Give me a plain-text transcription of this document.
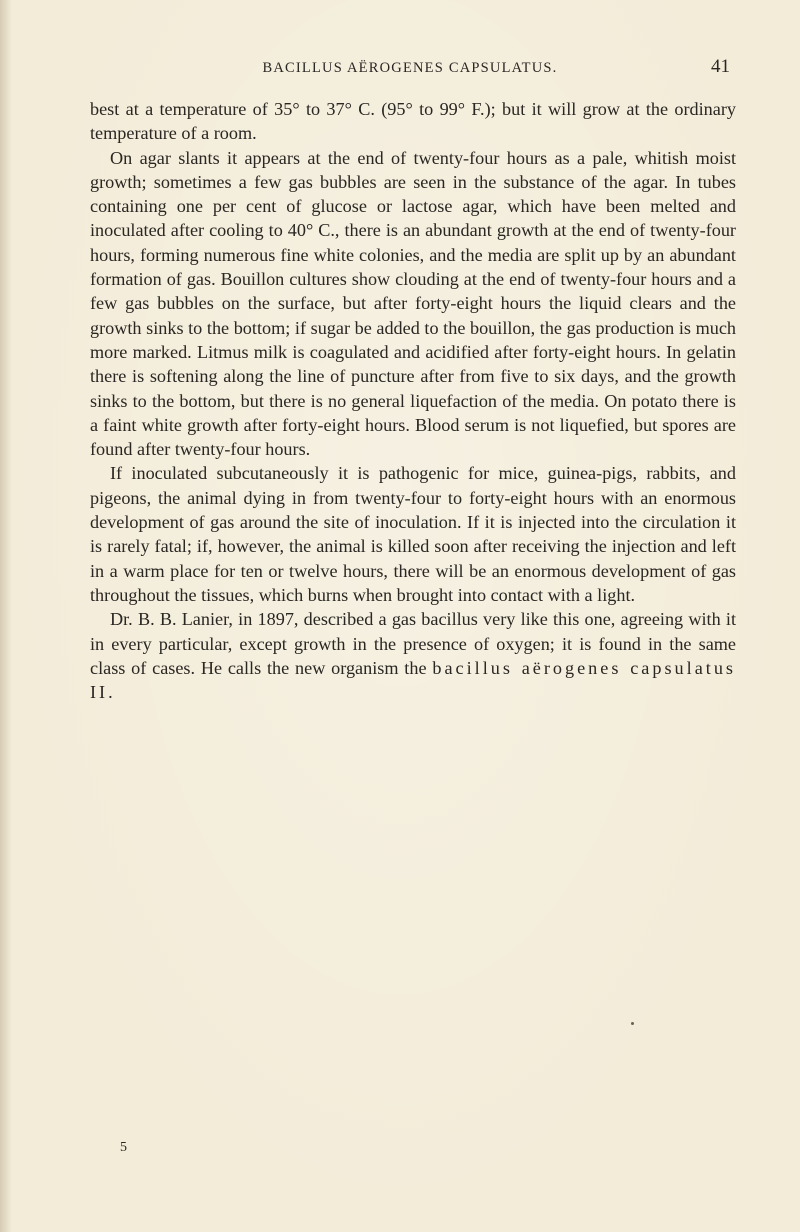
BACILLUS AËROGENES CAPSULATUS.	41

best at a temperature of 35° to 37° C. (95° to 99° F.); but it will grow at the ordinary temperature of a room.

On agar slants it appears at the end of twenty-four hours as a pale, whitish moist growth; sometimes a few gas bubbles are seen in the substance of the agar. In tubes containing one per cent of glucose or lactose agar, which have been melted and inoculated after cooling to 40° C., there is an abundant growth at the end of twenty-four hours, forming numerous fine white colonies, and the media are split up by an abundant formation of gas. Bouillon cultures show clouding at the end of twenty-four hours and a few gas bubbles on the surface, but after forty-eight hours the liquid clears and the growth sinks to the bottom; if sugar be added to the bouillon, the gas production is much more marked. Litmus milk is coagulated and acidified after forty-eight hours. In gelatin there is softening along the line of puncture after from five to six days, and the growth sinks to the bottom, but there is no general liquefaction of the media. On potato there is a faint white growth after forty-eight hours. Blood serum is not liquefied, but spores are found after twenty-four hours.

If inoculated subcutaneously it is pathogenic for mice, guinea-pigs, rabbits, and pigeons, the animal dying in from twenty-four to forty-eight hours with an enormous development of gas around the site of inoculation. If it is injected into the circulation it is rarely fatal; if, however, the animal is killed soon after receiving the injection and left in a warm place for ten or twelve hours, there will be an enormous development of gas throughout the tissues, which burns when brought into contact with a light.

Dr. B. B. Lanier, in 1897, described a gas bacillus very like this one, agreeing with it in every particular, except growth in the presence of oxygen; it is found in the same class of cases. He calls the new organism the bacillus aërogenes capsulatus II.

5
